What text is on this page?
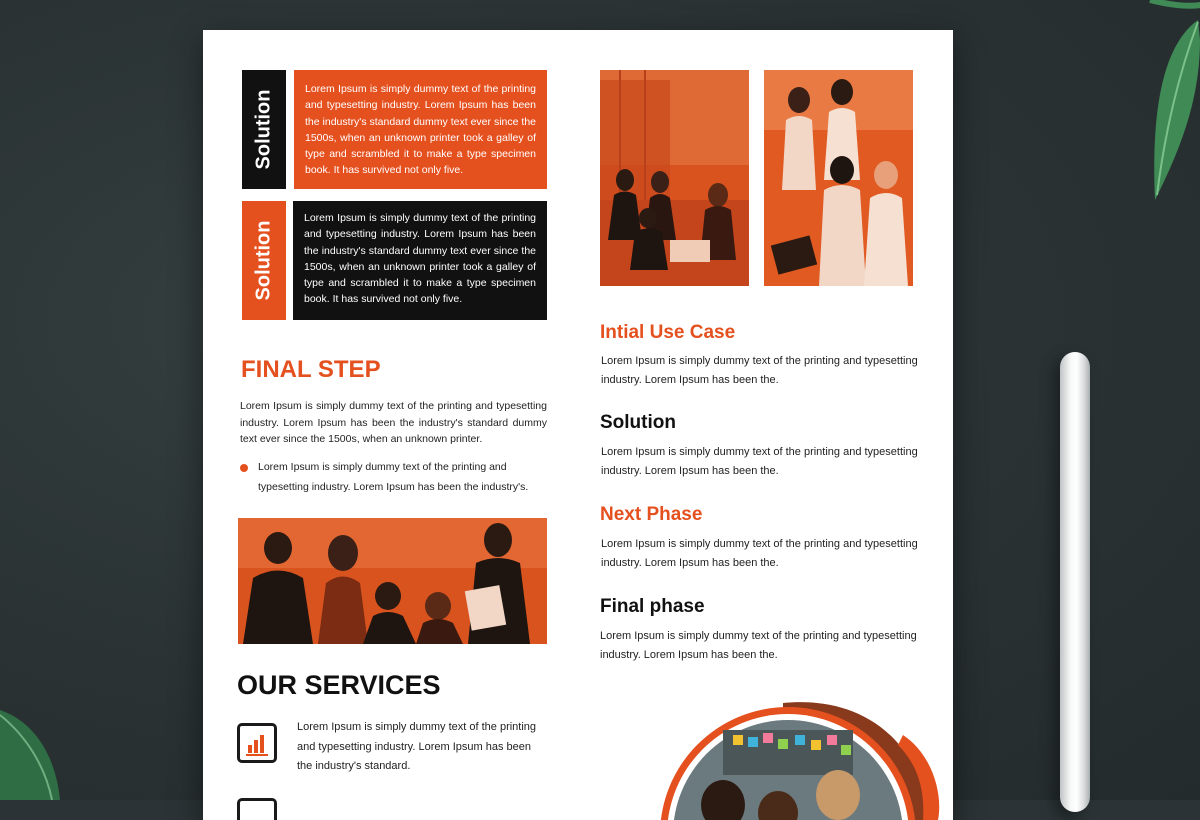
Solution
Lorem Ipsum is simply dummy text of the printing and typesetting industry. Lorem Ipsum has been the industry's standard dummy text ever since the 1500s, when an unknown printer took a galley of type and scrambled it to make a type specimen book. It has survived not only five.
Solution
Lorem Ipsum is simply dummy text of the printing and typesetting industry. Lorem Ipsum has been the industry's standard dummy text ever since the 1500s, when an unknown printer took a galley of type and scrambled it to make a type specimen book. It has survived not only five.
FINAL STEP
Lorem Ipsum is simply dummy text of the printing and typesetting industry. Lorem Ipsum has been the industry's standard dummy text ever since the 1500s, when an unknown printer.
Lorem Ipsum is simply dummy text of the printing and typesetting industry. Lorem Ipsum has been the industry's.
OUR SERVICES
Lorem Ipsum is simply dummy text of the printing and typesetting industry. Lorem Ipsum has been the industry's standard.
Intial Use Case
Lorem Ipsum is simply dummy text of the printing and typesetting industry. Lorem Ipsum has been the.
Solution
Lorem Ipsum is simply dummy text of the printing and typesetting industry. Lorem Ipsum has been the.
Next Phase
Lorem Ipsum is simply dummy text of the printing and typesetting industry. Lorem Ipsum has been the.
Final phase
Lorem Ipsum is simply dummy text of the printing and typesetting industry. Lorem Ipsum has been the.
